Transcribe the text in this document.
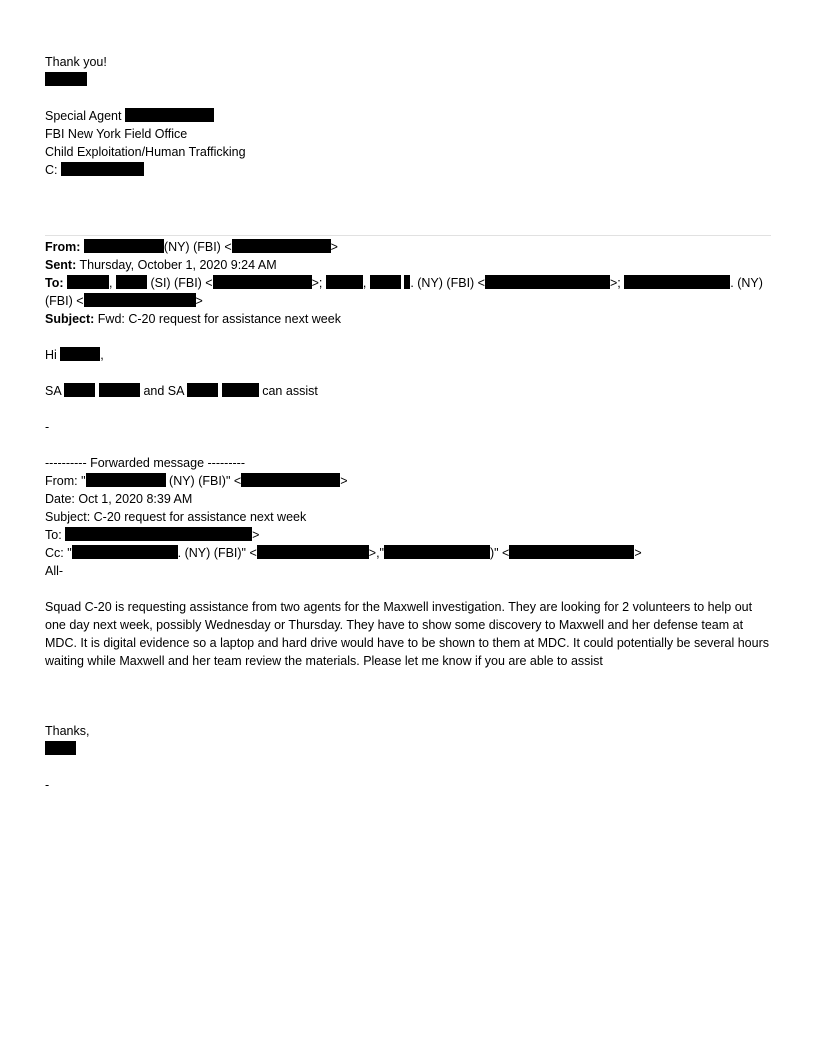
Thank you!
Special Agent
FBI New York Field Office
Child Exploitation/Human Trafficking
C:
From:	(NY) (FBI) <	>
Sent: Thursday, October 1, 2020 9:24 AM
To:	,	(SI) (FBI) <	>;	,	. (NY) (FBI) <	>;	. (NY)
(FBI) <	>
Subject: Fwd: C-20 request for assistance next week
Hi	,
SA	and SA	can assist
-
---------- Forwarded message ---------
From: "	(NY) (FBI)" <	>
Date: Oct 1, 2020 8:39 AM
Subject: C-20 request for assistance next week
To:	>
Cc: "	. (NY) (FBI)" <	>,"	)" <	>
All-
Squad C-20 is requesting assistance from two agents for the Maxwell investigation. They are looking for 2 volunteers to help out one day next week, possibly Wednesday or Thursday. They have to show some discovery to Maxwell and her defense team at MDC. It is digital evidence so a laptop and hard drive would have to be shown to them at MDC. It could potentially be several hours waiting while Maxwell and her team review the materials. Please let me know if you are able to assist
Thanks,
-
